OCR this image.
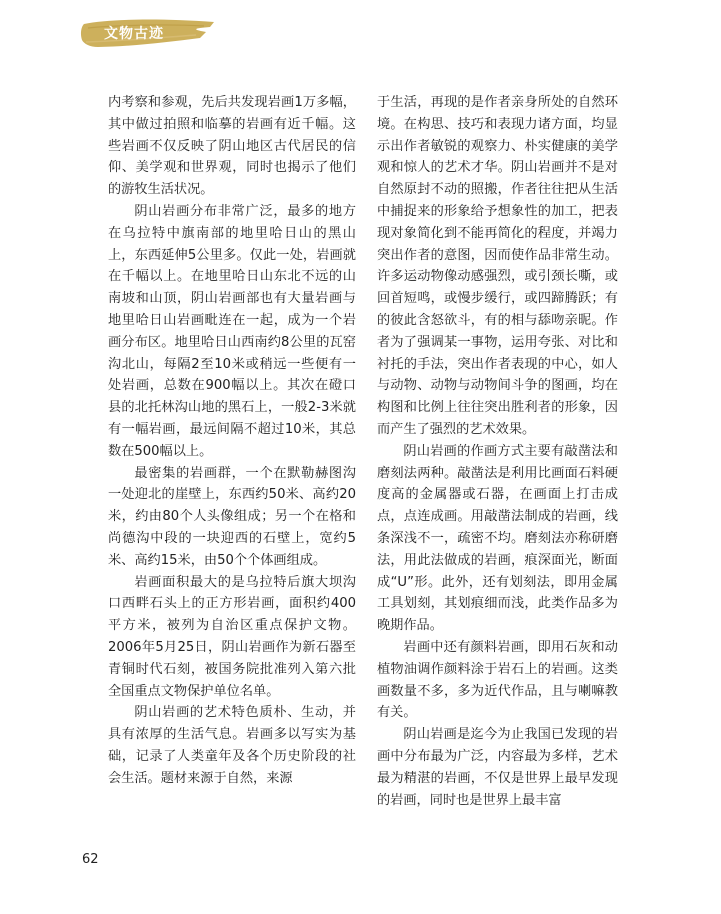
文物古迹

内考察和参观，先后共发现岩画1万多幅，其中做过拍照和临摹的岩画有近千幅。这些岩画不仅反映了阴山地区古代居民的信仰、美学观和世界观，同时也揭示了他们的游牧生活状况。

阴山岩画分布非常广泛，最多的地方在乌拉特中旗南部的地里哈日山的黑山上，东西延伸5公里多。仅此一处，岩画就在千幅以上。在地里哈日山东北不远的山南坡和山顶，阴山岩画部也有大量岩画与地里哈日山岩画毗连在一起，成为一个岩画分布区。地里哈日山西南约8公里的瓦窑沟北山，每隔2至10米或稍远一些便有一处岩画，总数在900幅以上。其次在磴口县的北托林沟山地的黑石上，一般2-3米就有一幅岩画，最远间隔不超过10米，其总数在500幅以上。

最密集的岩画群，一个在默勒赫图沟一处迎北的崖壁上，东西约50米、高约20米，约由80个人头像组成；另一个在格和尚德沟中段的一块迎西的石壁上，宽约5米、高约15米，由50个个体画组成。

岩画面积最大的是乌拉特后旗大坝沟口西畔石头上的正方形岩画，面积约400平方米，被列为自治区重点保护文物。2006年5月25日，阴山岩画作为新石器至青铜时代石刻，被国务院批准列入第六批全国重点文物保护单位名单。

阴山岩画的艺术特色质朴、生动，并具有浓厚的生活气息。岩画多以写实为基础，记录了人类童年及各个历史阶段的社会生活。题材来源于自然，来源

于生活，再现的是作者亲身所处的自然环境。在构思、技巧和表现力诸方面，均显示出作者敏锐的观察力、朴实健康的美学观和惊人的艺术才华。阴山岩画并不是对自然原封不动的照搬，作者往往把从生活中捕捉来的形象给予想象性的加工，把表现对象简化到不能再简化的程度，并竭力突出作者的意图，因而使作品非常生动。许多运动物像动感强烈，或引颈长嘶，或回首短鸣，或慢步缓行，或四蹄腾跃；有的彼此含怒欲斗，有的相与舔吻亲昵。作者为了强调某一事物，运用夸张、对比和衬托的手法，突出作者表现的中心，如人与动物、动物与动物间斗争的图画，均在构图和比例上往往突出胜利者的形象，因而产生了强烈的艺术效果。

阴山岩画的作画方式主要有敲凿法和磨刻法两种。敲凿法是利用比画面石料硬度高的金属器或石器，在画面上打击成点，点连成画。用敲凿法制成的岩画，线条深浅不一，疏密不均。磨刻法亦称研磨法，用此法做成的岩画，痕深面光，断面成“U”形。此外，还有划刻法，即用金属工具划刻，其划痕细而浅，此类作品多为晚期作品。

岩画中还有颜料岩画，即用石灰和动植物油调作颜料涂于岩石上的岩画。这类画数量不多，多为近代作品，且与喇嘛教有关。

阴山岩画是迄今为止我国已发现的岩画中分布最为广泛，内容最为多样，艺术最为精湛的岩画，不仅是世界上最早发现的岩画，同时也是世界上最丰富

62
